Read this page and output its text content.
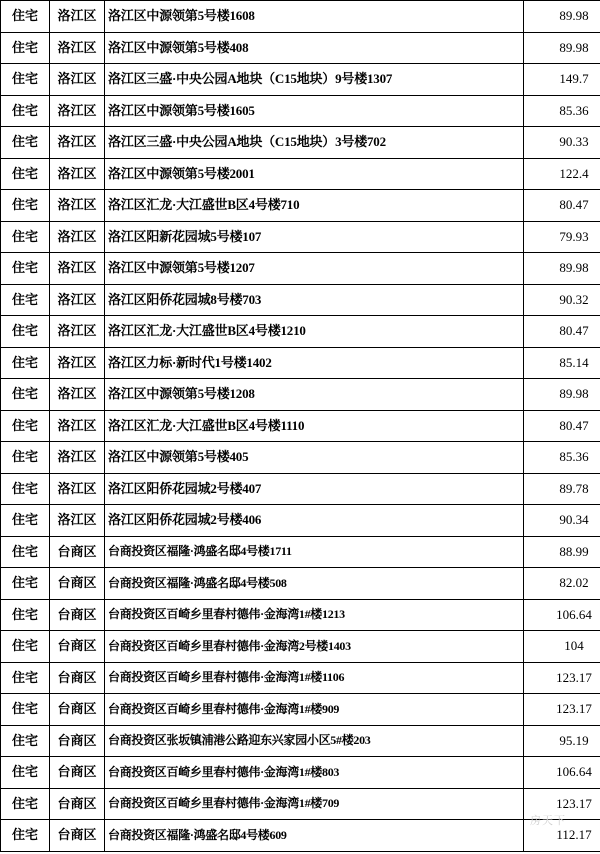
住宅	洛江区	洛江区中源领第5号楼1608	89.98
住宅	洛江区	洛江区中源领第5号楼408	89.98
住宅	洛江区	洛江区三盛·中央公园A地块（C15地块）9号楼1307	149.7
住宅	洛江区	洛江区中源领第5号楼1605	85.36
住宅	洛江区	洛江区三盛·中央公园A地块（C15地块）3号楼702	90.33
住宅	洛江区	洛江区中源领第5号楼2001	122.4
住宅	洛江区	洛江区汇龙·大江盛世B区4号楼710	80.47
住宅	洛江区	洛江区阳新花园城5号楼107	79.93
住宅	洛江区	洛江区中源领第5号楼1207	89.98
住宅	洛江区	洛江区阳侨花园城8号楼703	90.32
住宅	洛江区	洛江区汇龙·大江盛世B区4号楼1210	80.47
住宅	洛江区	洛江区力标·新时代1号楼1402	85.14
住宅	洛江区	洛江区中源领第5号楼1208	89.98
住宅	洛江区	洛江区汇龙·大江盛世B区4号楼1110	80.47
住宅	洛江区	洛江区中源领第5号楼405	85.36
住宅	洛江区	洛江区阳侨花园城2号楼407	89.78
住宅	洛江区	洛江区阳侨花园城2号楼406	90.34
住宅	台商区	台商投资区福隆·鸿盛名邸4号楼1711	88.99
住宅	台商区	台商投资区福隆·鸿盛名邸4号楼508	82.02
住宅	台商区	台商投资区百崎乡里春村德伟·金海湾1#楼1213	106.64
住宅	台商区	台商投资区百崎乡里春村德伟·金海湾2号楼1403	104
住宅	台商区	台商投资区百崎乡里春村德伟·金海湾1#楼1106	123.17
住宅	台商区	台商投资区百崎乡里春村德伟·金海湾1#楼909	123.17
住宅	台商区	台商投资区张坂镇浦港公路迎东兴家园小区5#楼203	95.19
住宅	台商区	台商投资区百崎乡里春村德伟·金海湾1#楼803	106.64
住宅	台商区	台商投资区百崎乡里春村德伟·金海湾1#楼709	123.17
住宅	台商区	台商投资区福隆·鸿盛名邸4号楼609	112.17
房天下
